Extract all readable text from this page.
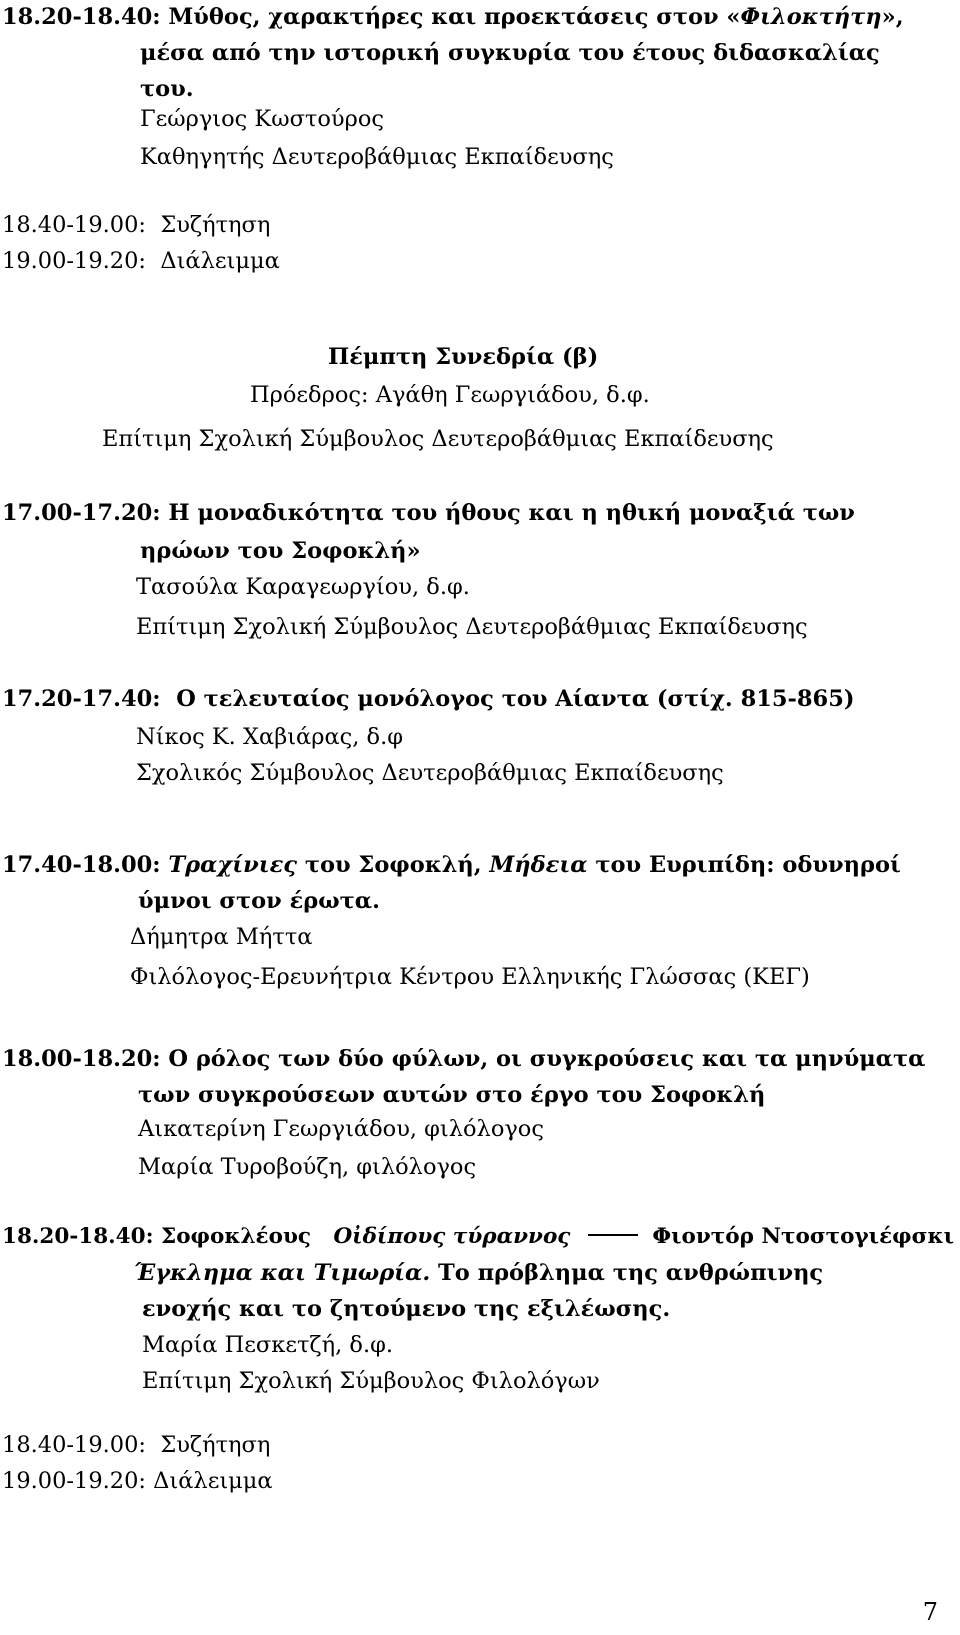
18.20-18.40: Μύθος, χαρακτήρες και προεκτάσεις στον «Φιλοκτήτη»,

μέσα από την ιστορική συγκυρία του έτους διδασκαλίας

του.

Γεώργιος Κωστούρος

Καθηγητής Δευτεροβάθμιας Εκπαίδευσης

18.40-19.00: Συζήτηση

19.00-19.20: Διάλειμμα

Πέμπτη Συνεδρία (β)

Πρόεδρος: Αγάθη Γεωργιάδου, δ.φ.

Επίτιμη Σχολική Σύμβουλος Δευτεροβάθμιας Εκπαίδευσης

17.00-17.20: Η μοναδικότητα του ήθους και η ηθική μοναξιά των

ηρώων του Σοφοκλή»

Τασούλα Καραγεωργίου, δ.φ.

Επίτιμη Σχολική Σύμβουλος Δευτεροβάθμιας Εκπαίδευσης

17.20-17.40: Ο τελευταίος μονόλογος του Αίαντα (στίχ. 815-865)

Νίκος Κ. Χαβιάρας, δ.φ

Σχολικός Σύμβουλος Δευτεροβάθμιας Εκπαίδευσης

17.40-18.00: Τραχίνιες του Σοφοκλή, Μήδεια του Ευριπίδη: οδυνηροί

ύμνοι στον έρωτα.

Δήμητρα Μήττα

Φιλόλογος-Ερευνήτρια Κέντρου Ελληνικής Γλώσσας (ΚΕΓ)

18.00-18.20: Ο ρόλος των δύο φύλων, οι συγκρούσεις και τα μηνύματα

των συγκρούσεων αυτών στο έργο του Σοφοκλή

Αικατερίνη Γεωργιάδου, φιλόλογος

Μαρία Τυροβούζη, φιλόλογος

18.20-18.40: Σοφοκλέους Οἰδίπους τύραννος	Φιοντόρ Ντοστογιέφσκι

Έγκλημα και Τιμωρία. Το πρόβλημα της ανθρώπινης

ενοχής και το ζητούμενο της εξιλέωσης.

Μαρία Πεσκετζή, δ.φ.

Επίτιμη Σχολική Σύμβουλος Φιλολόγων

18.40-19.00: Συζήτηση

19.00-19.20: Διάλειμμα

7
